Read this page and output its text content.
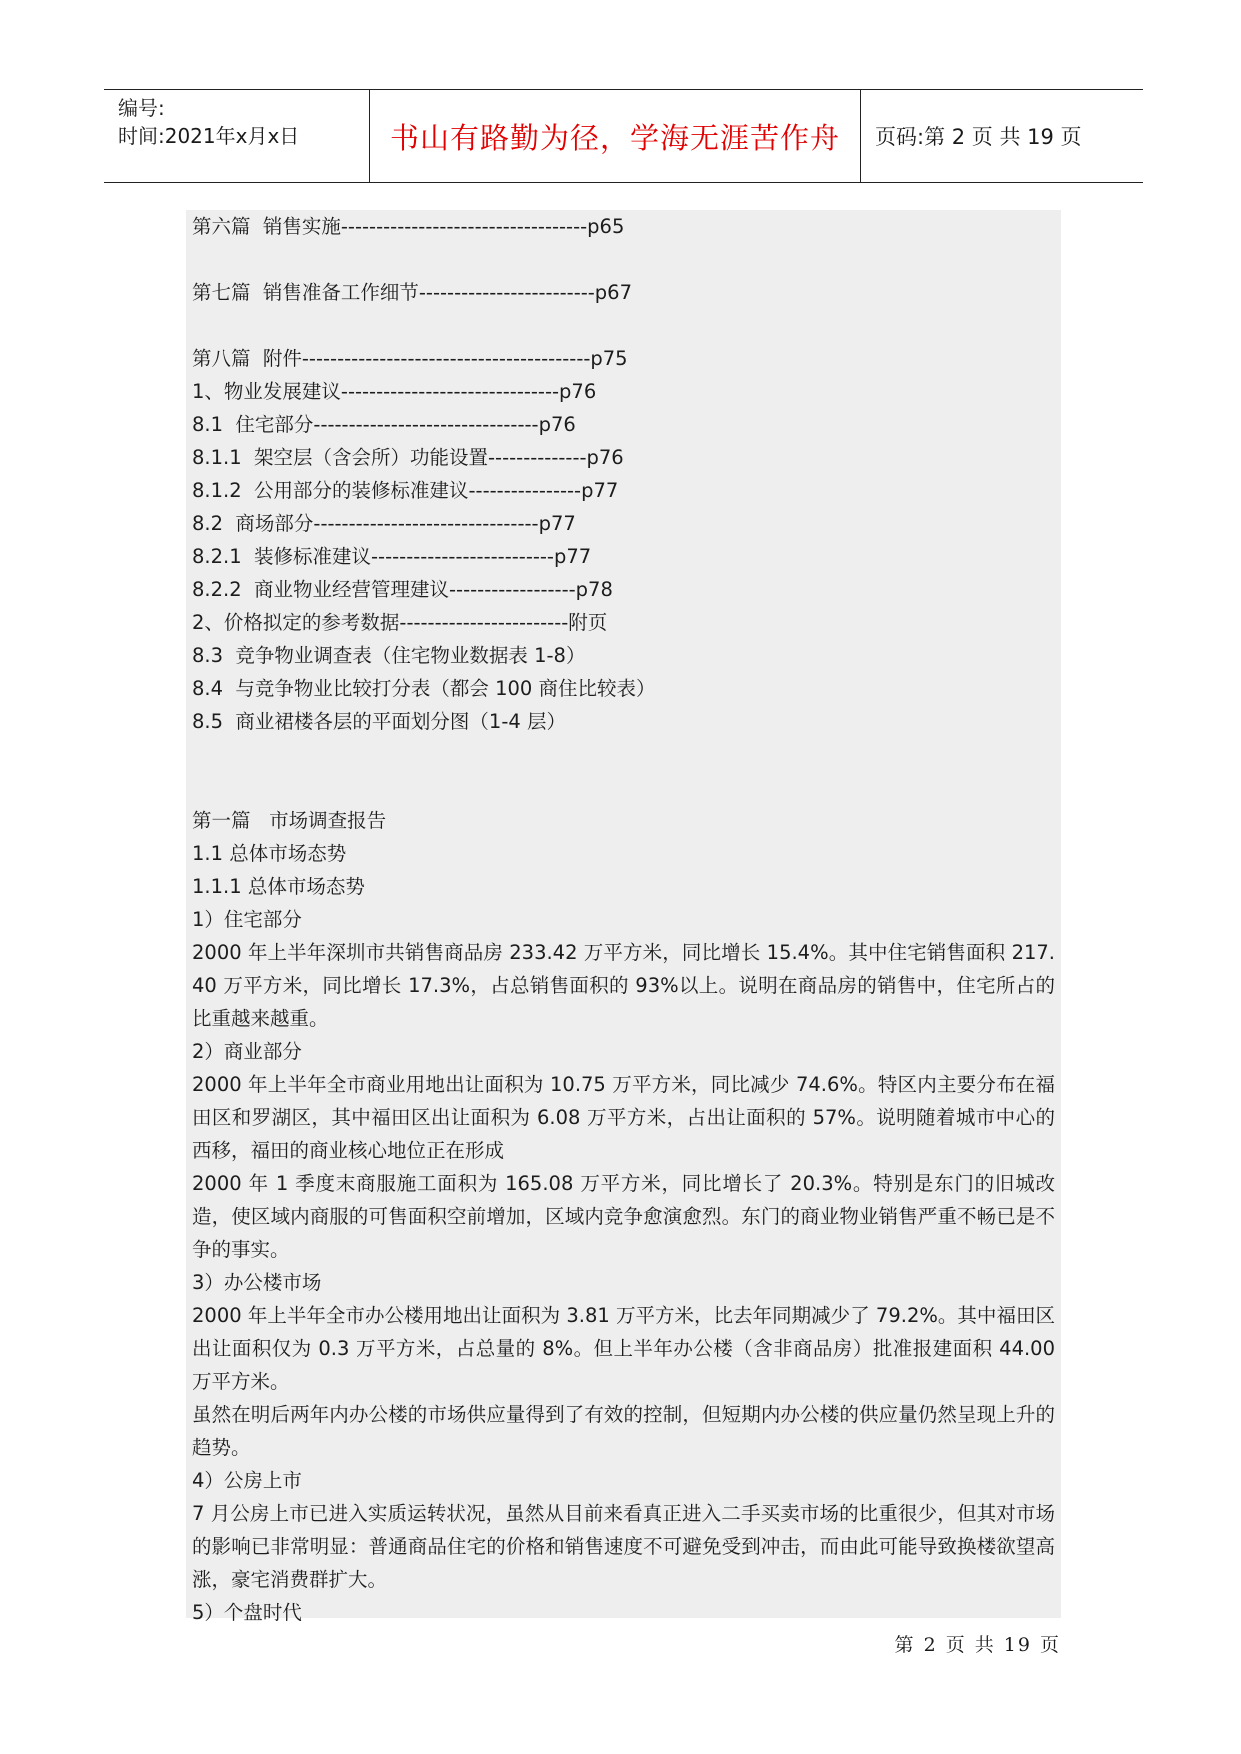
编号:
时间:2021年x月x日	书山有路勤为径，学海无涯苦作舟 页码:第 2 页 共 19 页
第六篇  销售实施-----------------------------------p65
第七篇  销售准备工作细节-------------------------p67
第八篇  附件-----------------------------------------p75
1、物业发展建议-------------------------------p76
8.1  住宅部分--------------------------------p76
8.1.1  架空层（含会所）功能设置--------------p76
8.1.2  公用部分的装修标准建议----------------p77
8.2  商场部分--------------------------------p77
8.2.1  装修标准建议--------------------------p77
8.2.2  商业物业经营管理建议------------------p78
2、价格拟定的参考数据------------------------附页
8.3  竞争物业调查表（住宅物业数据表 1-8）
8.4  与竞争物业比较打分表（都会 100 商住比较表）
8.5  商业裙楼各层的平面划分图（1-4 层）
第一篇   市场调查报告
1.1 总体市场态势
1.1.1 总体市场态势
1）住宅部分
2000 年上半年深圳市共销售商品房 233.42 万平方米，同比增长 15.4%。其中住宅销售面积 217.40 万平方米，同比增长 17.3%，占总销售面积的 93%以上。说明在商品房的销售中，住宅所占的比重越来越重。
2）商业部分
2000 年上半年全市商业用地出让面积为 10.75 万平方米，同比减少 74.6%。特区内主要分布在福田区和罗湖区，其中福田区出让面积为 6.08 万平方米，占出让面积的 57%。说明随着城市中心的西移，福田的商业核心地位正在形成
2000 年 1 季度末商服施工面积为 165.08 万平方米，同比增长了 20.3%。特别是东门的旧城改造，使区域内商服的可售面积空前增加，区域内竞争愈演愈烈。东门的商业物业销售严重不畅已是不争的事实。
3）办公楼市场
2000 年上半年全市办公楼用地出让面积为 3.81 万平方米，比去年同期减少了 79.2%。其中福田区出让面积仅为 0.3 万平方米，占总量的 8%。但上半年办公楼（含非商品房）批准报建面积 44.00 万平方米。
虽然在明后两年内办公楼的市场供应量得到了有效的控制，但短期内办公楼的供应量仍然呈现上升的趋势。
4）公房上市
7 月公房上市已进入实质运转状况，虽然从目前来看真正进入二手买卖市场的比重很少，但其对市场的影响已非常明显：普通商品住宅的价格和销售速度不可避免受到冲击，而由此可能导致换楼欲望高涨，豪宅消费群扩大。
5）个盘时代
第 2 页 共 19 页
